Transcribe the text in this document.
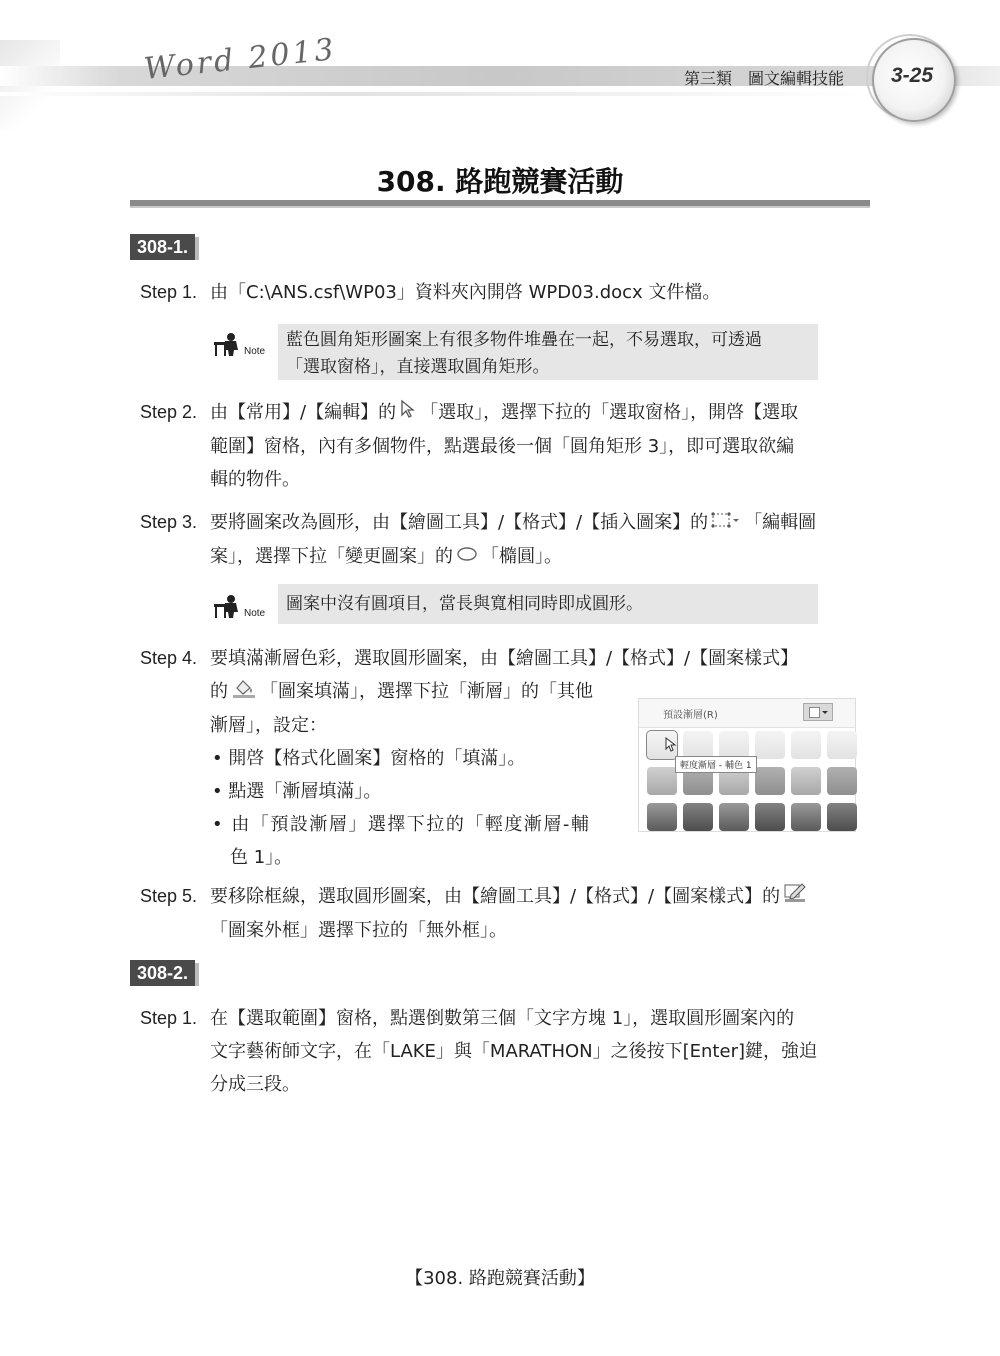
Word 2013	第三類　圖文編輯技能	3-25
308. 路跑競賽活動
308-1.
Step 1. 由「C:\ANS.csf\WP03」資料夾內開啓 WPD03.docx 文件檔。
Note
藍色圓角矩形圖案上有很多物件堆疊在一起，不易選取，可透過
「選取窗格」，直接選取圓角矩形。
Step 2. 由【常用】/【編輯】的 「選取」，選擇下拉的「選取窗格」，開啓【選取
範圍】窗格，內有多個物件，點選最後一個「圓角矩形 3」，即可選取欲編
輯的物件。
Step 3. 要將圖案改為圓形，由【繪圖工具】/【格式】/【插入圖案】的 「編輯圖
案」，選擇下拉「變更圖案」的 「橢圓」。
Note 圖案中沒有圓項目，當長與寬相同時即成圓形。
Step 4. 要填滿漸層色彩，選取圓形圖案，由【繪圖工具】/【格式】/【圖案樣式】
的 「圖案填滿」，選擇下拉「漸層」的「其他
漸層」，設定：
• 開啓【格式化圖案】窗格的「填滿」。
• 點選「漸層填滿」。
• 由「預設漸層」選擇下拉的「輕度漸層-輔
色 1」。
預設漸層(R)
輕度漸層 - 輔色 1
Step 5. 要移除框線，選取圓形圖案，由【繪圖工具】/【格式】/【圖案樣式】的
「圖案外框」選擇下拉的「無外框」。
308-2.
Step 1. 在【選取範圍】窗格，點選倒數第三個「文字方塊 1」，選取圓形圖案內的
文字藝術師文字，在「LAKE」與「MARATHON」之後按下[Enter]鍵，強迫
分成三段。
【308. 路跑競賽活動】
